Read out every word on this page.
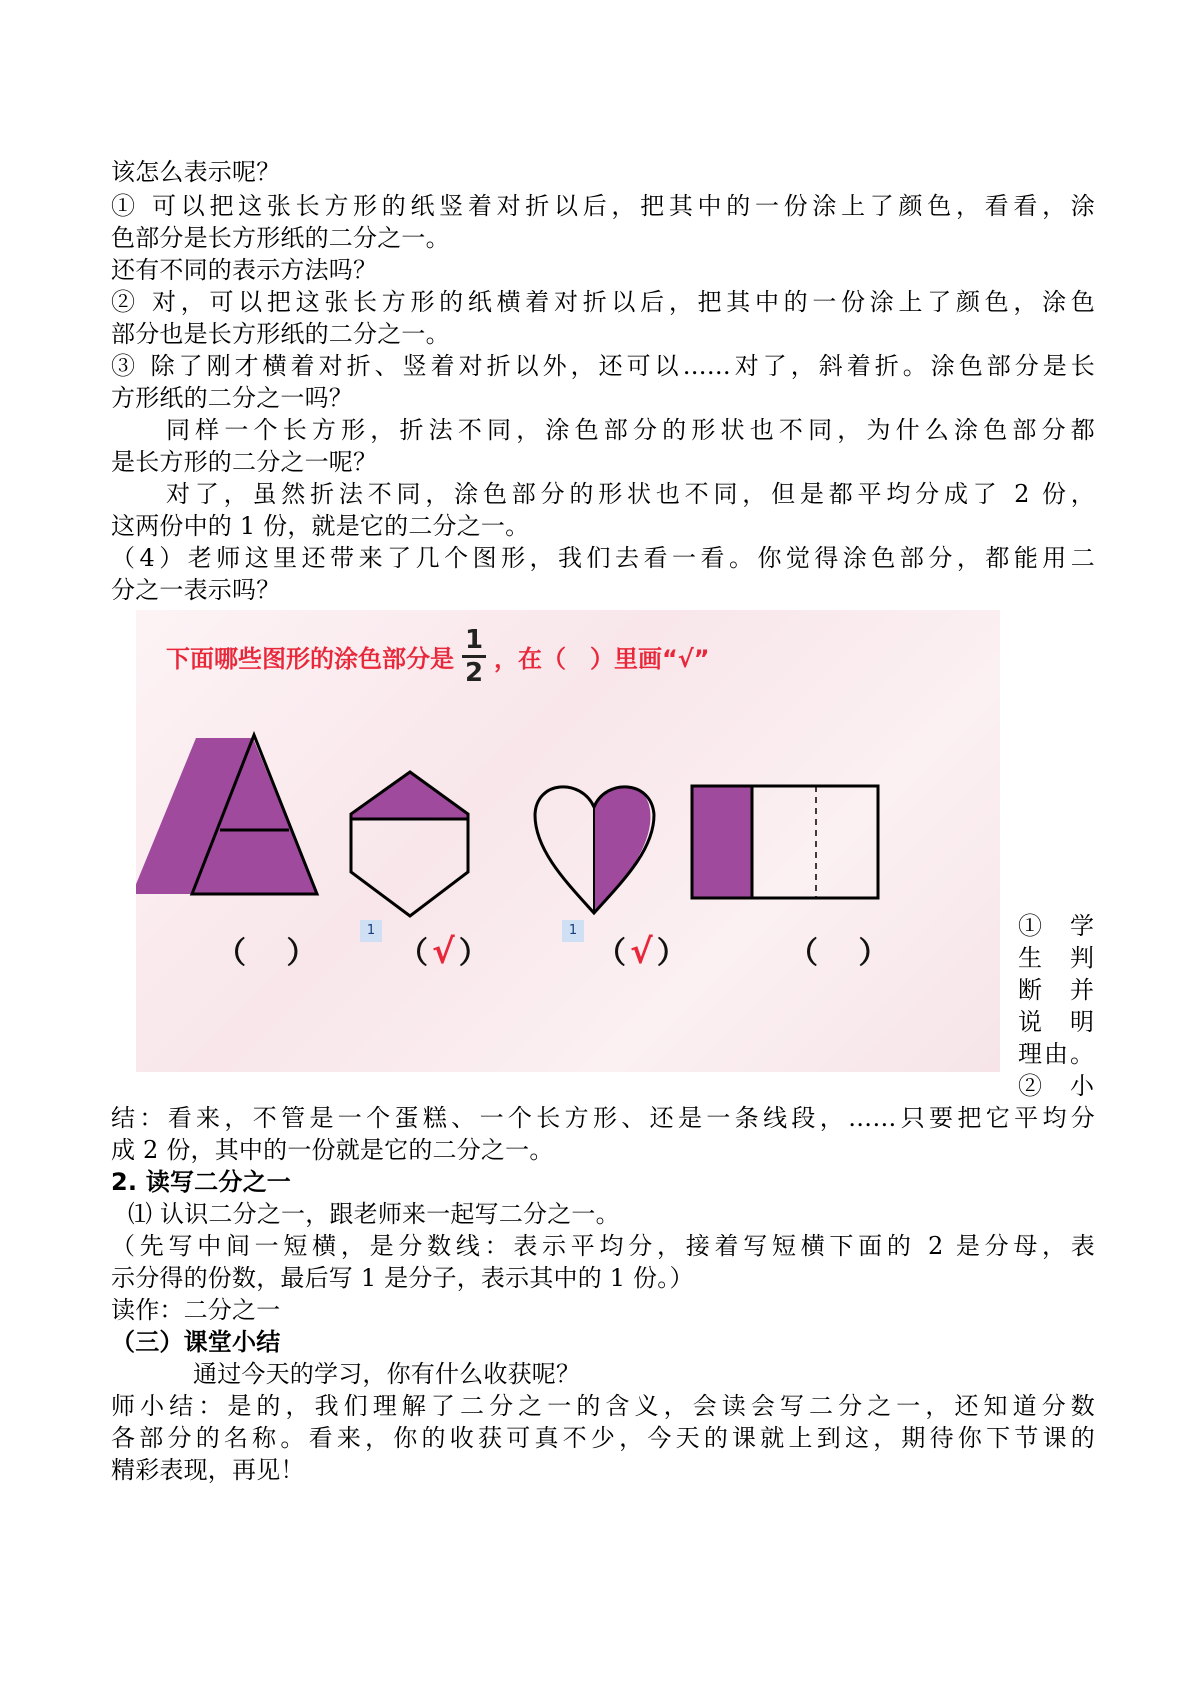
该怎么表示呢？
① 可以把这张长方形的纸竖着对折以后，把其中的一份涂上了颜色，看看，涂
色部分是长方形纸的二分之一。
还有不同的表示方法吗？
② 对，可以把这张长方形的纸横着对折以后，把其中的一份涂上了颜色，涂色
部分也是长方形纸的二分之一。
③ 除了刚才横着对折、竖着对折以外，还可以……对了，斜着折。涂色部分是长
方形纸的二分之一吗？
同样一个长方形，折法不同，涂色部分的形状也不同，为什么涂色部分都
是长方形的二分之一呢？
对了，虽然折法不同，涂色部分的形状也不同，但是都平均分成了 2 份，
这两份中的 1 份，就是它的二分之一。
（4）老师这里还带来了几个图形，我们去看一看。你觉得涂色部分，都能用二
分之一表示吗？
下面哪些图形的涂色部分是 $\frac{1}{2}$ ，在（　）里画“√”
1	1
（　 ）	（ √ ）	（ √ ）	（　 ）
① 学
生 判
断 并
说 明
理由。
② 小
结：看来，不管是一个蛋糕、一个长方形、还是一条线段，……只要把它平均分
成 2 份，其中的一份就是它的二分之一。
2. 读写二分之一
⑴ 认识二分之一，跟老师来一起写二分之一。
（先写中间一短横，是分数线：表示平均分，接着写短横下面的 2 是分母，表
示分得的份数，最后写 1 是分子，表示其中的 1 份。）
读作：二分之一
（三）课堂小结
通过今天的学习，你有什么收获呢？
师小结：是的，我们理解了二分之一的含义，会读会写二分之一，还知道分数
各部分的名称。看来，你的收获可真不少，今天的课就上到这，期待你下节课的
精彩表现，再见！
